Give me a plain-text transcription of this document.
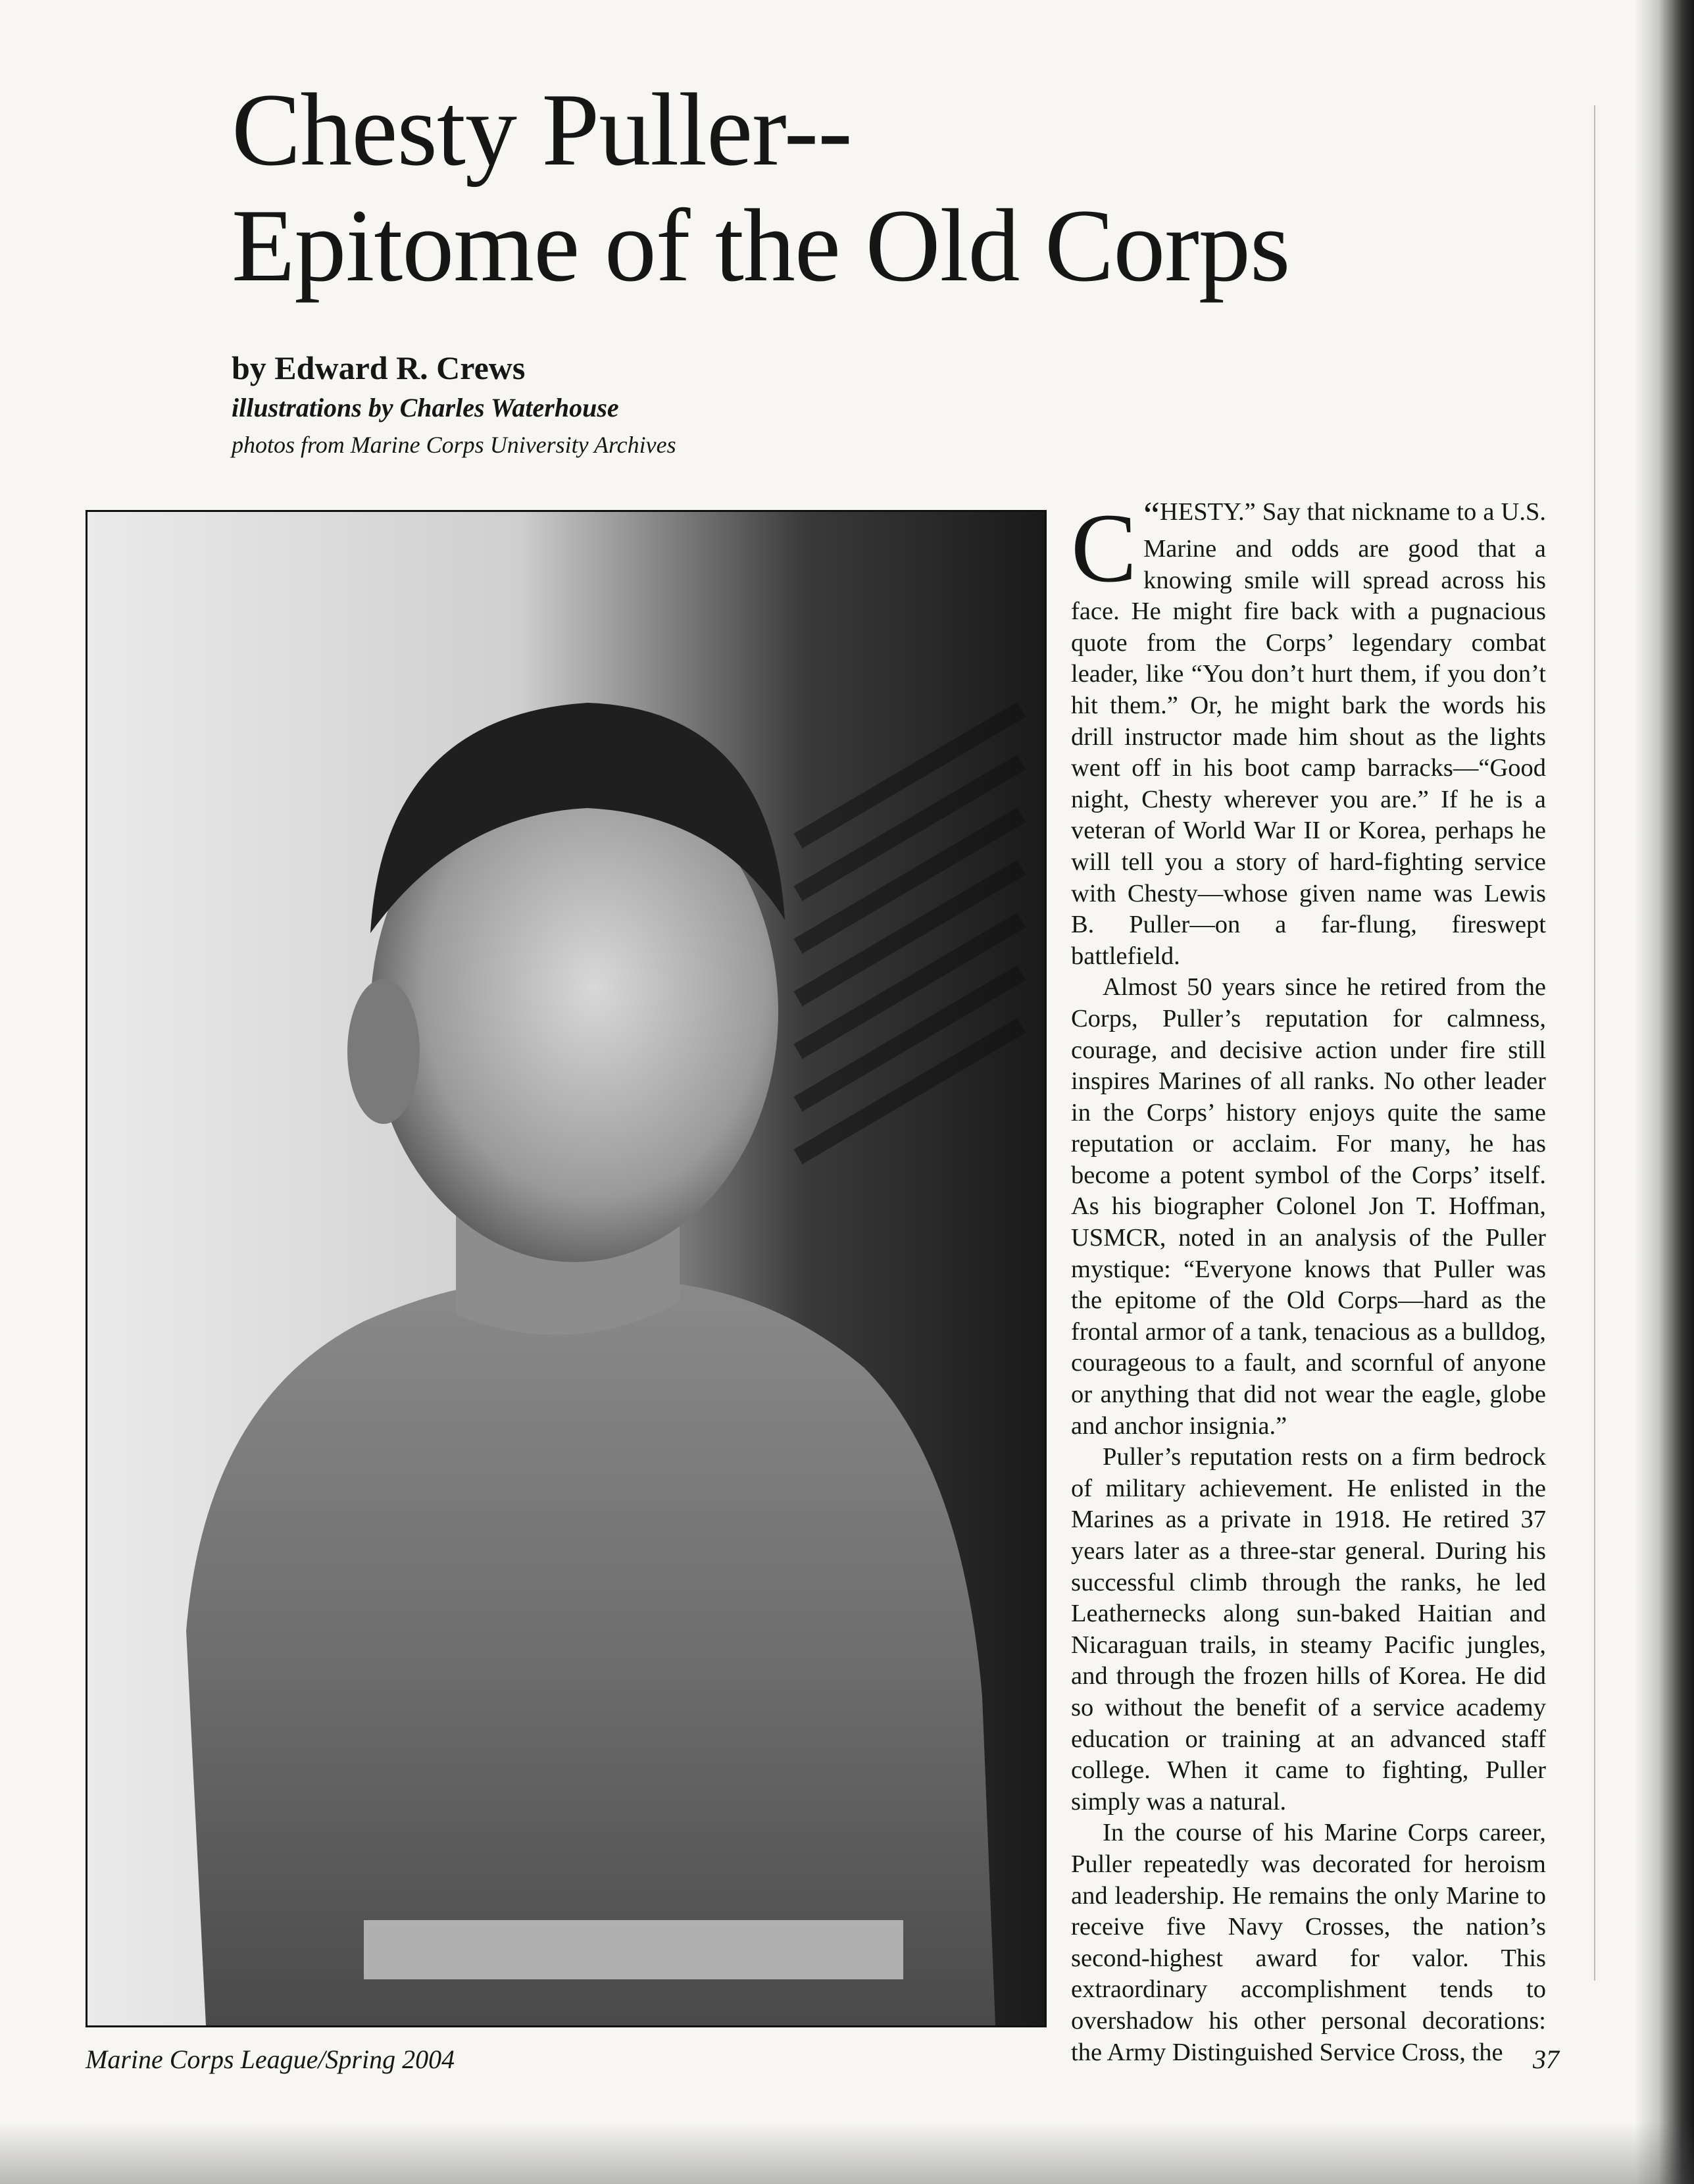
Chesty Puller--
Epitome of the Old Corps

by Edward R. Crews

illustrations by Charles Waterhouse

photos from Marine Corps University Archives

“
C HESTY.” Say that nickname to a U.S. Marine and odds are good that a knowing smile will spread across his face. He might fire back with a pugnacious quote from the Corps’ legendary combat leader, like “You don’t hurt them, if you don’t hit them.” Or, he might bark the words his drill instructor made him shout as the lights went off in his boot camp barracks—“Good night, Chesty wherever you are.” If he is a veteran of World War II or Korea, perhaps he will tell you a story of hard-fighting service with Chesty—whose given name was Lewis B. Puller—on a far-flung, fireswept battlefield.

Almost 50 years since he retired from the Corps, Puller’s reputation for calmness, courage, and decisive action under fire still inspires Marines of all ranks. No other leader in the Corps’ history enjoys quite the same reputation or acclaim. For many, he has become a potent symbol of the Corps’ itself. As his biographer Colonel Jon T. Hoffman, USMCR, noted in an analysis of the Puller mystique: “Everyone knows that Puller was the epitome of the Old Corps—hard as the frontal armor of a tank, tenacious as a bulldog, courageous to a fault, and scornful of anyone or anything that did not wear the eagle, globe and anchor insignia.”

Puller’s reputation rests on a firm bedrock of military achievement. He enlisted in the Marines as a private in 1918. He retired 37 years later as a three-star general. During his successful climb through the ranks, he led Leathernecks along sun-baked Haitian and Nicaraguan trails, in steamy Pacific jungles, and through the frozen hills of Korea. He did so without the benefit of a service academy education or training at an advanced staff college. When it came to fighting, Puller simply was a natural.

In the course of his Marine Corps career, Puller repeatedly was decorated for heroism and leadership. He remains the only Marine to receive five Navy Crosses, the nation’s second-highest award for valor. This extraordinary accomplishment tends to overshadow his other personal decorations: the Army Distinguished Service Cross, the

Marine Corps League/Spring 2004	37
